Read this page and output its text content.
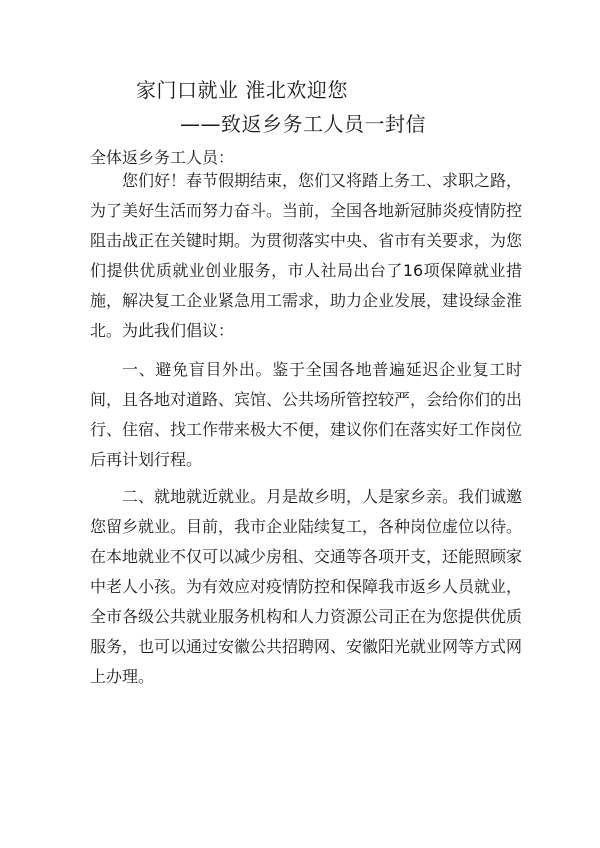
家门口就业 淮北欢迎您
——致返乡务工人员一封信
全体返乡务工人员：

您们好！春节假期结束，您们又将踏上务工、求职之路，为了美好生活而努力奋斗。当前，全国各地新冠肺炎疫情防控阻击战正在关键时期。为贯彻落实中央、省市有关要求，为您们提供优质就业创业服务，市人社局出台了16项保障就业措施，解决复工企业紧急用工需求，助力企业发展，建设绿金淮北。为此我们倡议：

一、避免盲目外出。鉴于全国各地普遍延迟企业复工时间，且各地对道路、宾馆、公共场所管控较严，会给你们的出行、住宿、找工作带来极大不便，建议你们在落实好工作岗位后再计划行程。

二、就地就近就业。月是故乡明，人是家乡亲。我们诚邀您留乡就业。目前，我市企业陆续复工，各种岗位虚位以待。在本地就业不仅可以减少房租、交通等各项开支，还能照顾家中老人小孩。为有效应对疫情防控和保障我市返乡人员就业，全市各级公共就业服务机构和人力资源公司正在为您提供优质服务，也可以通过安徽公共招聘网、安徽阳光就业网等方式网上办理。
